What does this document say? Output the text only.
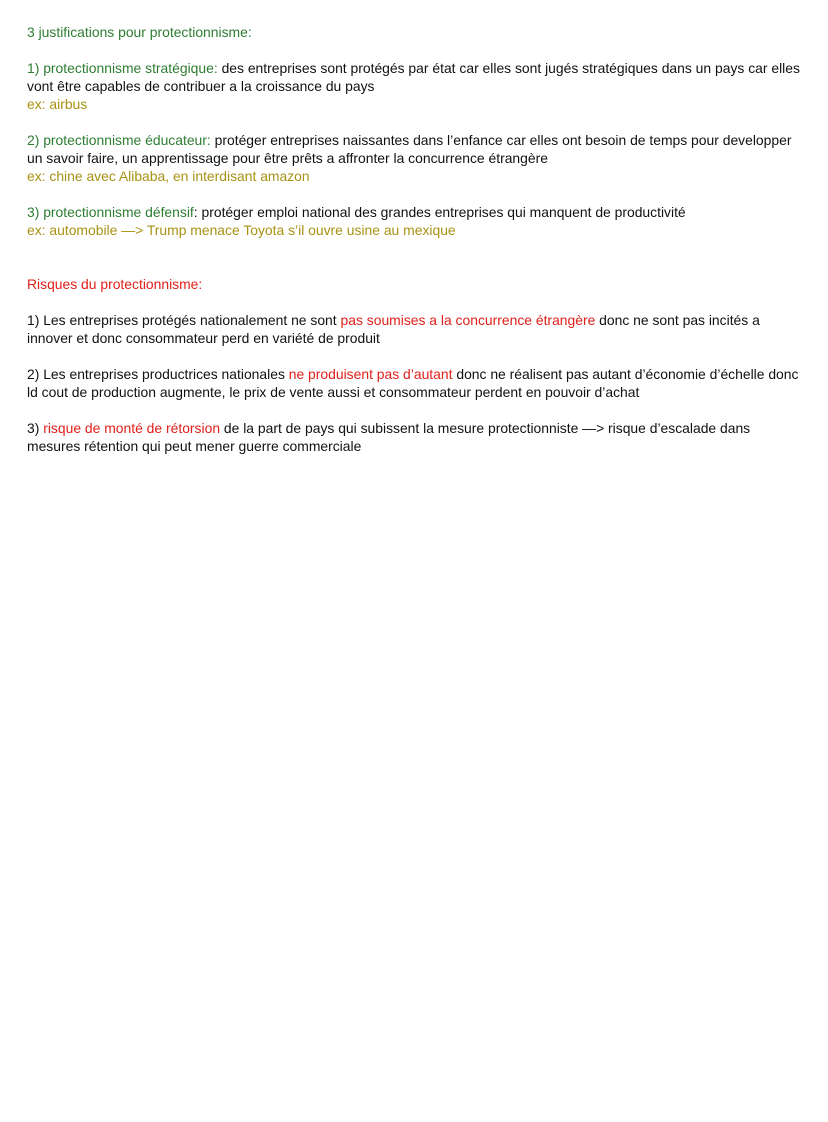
3 justifications pour protectionnisme:

1) protectionnisme stratégique: des entreprises sont protégés par état car elles sont jugés stratégiques dans un pays car elles vont être capables de contribuer a la croissance du pays

ex: airbus

2) protectionnisme éducateur: protéger entreprises naissantes dans l’enfance car elles ont besoin de temps pour developper un savoir faire, un apprentissage pour être prêts a affronter la concurrence étrangère

ex: chine avec Alibaba, en interdisant amazon

3) protectionnisme défensif: protéger emploi national des grandes entreprises qui manquent de productivité

ex: automobile —> Trump menace Toyota s’il ouvre usine au mexique

Risques du protectionnisme:

1) Les entreprises protégés nationalement ne sont pas soumises a la concurrence étrangère donc ne sont pas incités a innover et donc consommateur perd en variété de produit

2) Les entreprises productrices nationales ne produisent pas d’autant donc ne réalisent pas autant d’économie d’échelle donc ld cout de production augmente, le prix de vente aussi et consommateur perdent en pouvoir d’achat

3) risque de monté de rétorsion de la part de pays qui subissent la mesure protectionniste —> risque d’escalade dans mesures rétention qui peut mener guerre commerciale
